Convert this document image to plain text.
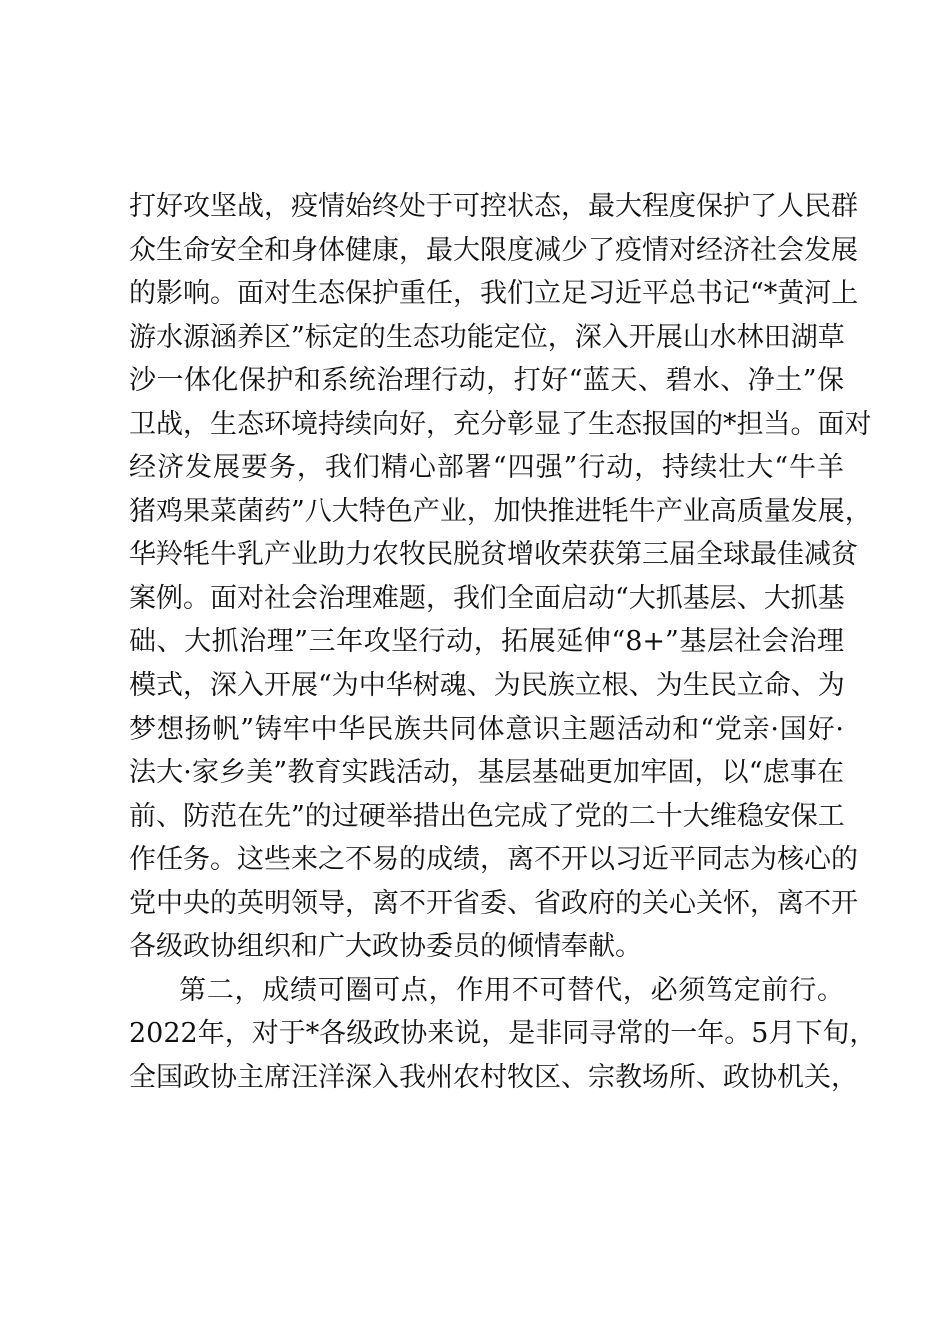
打好攻坚战，疫情始终处于可控状态，最大程度保护了人民群
众生命安全和身体健康，最大限度减少了疫情对经济社会发展
的影响。面对生态保护重任，我们立足习近平总书记“*黄河上
游水源涵养区”标定的生态功能定位，深入开展山水林田湖草
沙一体化保护和系统治理行动，打好“蓝天、碧水、净土”保
卫战，生态环境持续向好，充分彰显了生态报国的*担当。面对
经济发展要务，我们精心部署“四强”行动，持续壮大“牛羊
猪鸡果菜菌药”八大特色产业，加快推进牦牛产业高质量发展，
华羚牦牛乳产业助力农牧民脱贫增收荣获第三届全球最佳减贫
案例。面对社会治理难题，我们全面启动“大抓基层、大抓基
础、大抓治理”三年攻坚行动，拓展延伸“8+”基层社会治理
模式，深入开展“为中华树魂、为民族立根、为生民立命、为
梦想扬帆”铸牢中华民族共同体意识主题活动和“党亲·国好·
法大·家乡美”教育实践活动，基层基础更加牢固，以“虑事在
前、防范在先”的过硬举措出色完成了党的二十大维稳安保工
作任务。这些来之不易的成绩，离不开以习近平同志为核心的
党中央的英明领导，离不开省委、省政府的关心关怀，离不开
各级政协组织和广大政协委员的倾情奉献。
第二，成绩可圈可点，作用不可替代，必须笃定前行。
2022年，对于*各级政协来说，是非同寻常的一年。5月下旬，
全国政协主席汪洋深入我州农村牧区、宗教场所、政协机关，
